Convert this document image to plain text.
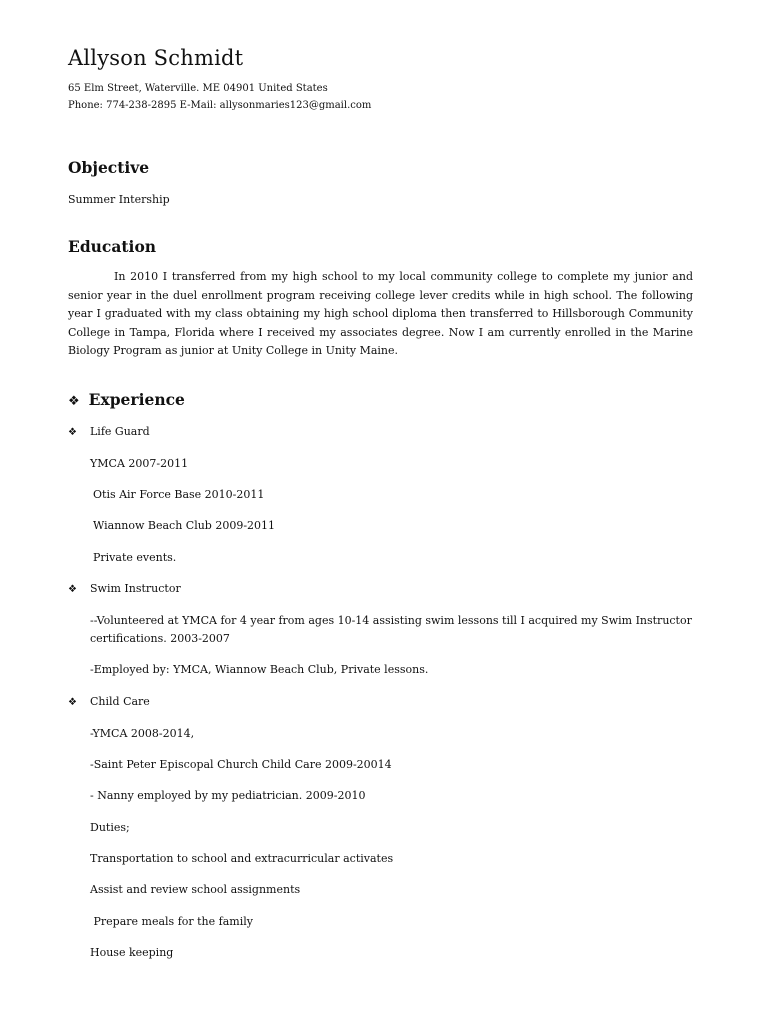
Allyson Schmidt
65 Elm Street, Waterville. ME 04901 United States
Phone: 774-238-2895 E-Mail: allysonmaries123@gmail.com
Objective
Summer Intership
Education

In 2010 I transferred from my high school to my local community college to complete my junior and senior year in the duel enrollment program receiving college lever credits while in high school. The following year I graduated with my class obtaining my high school diploma then transferred to Hillsborough Community College in Tampa, Florida where I received my associates degree. Now I am currently enrolled in the Marine Biology Program as junior at Unity College in Unity Maine.

❖ Experience
❖ Life Guard
YMCA 2007-2011
Otis Air Force Base 2010-2011
Wiannow Beach Club 2009-2011
Private events.
❖ Swim Instructor
--Volunteered at YMCA for 4 year from ages 10-14 assisting swim lessons till I acquired my Swim Instructor certifications. 2003-2007
-Employed by: YMCA, Wiannow Beach Club, Private lessons.
❖ Child Care
-YMCA 2008-2014,
-Saint Peter Episcopal Church Child Care 2009-20014
- Nanny employed by my pediatrician. 2009-2010
Duties;
Transportation to school and extracurricular activates
Assist and review school assignments
Prepare meals for the family
House keeping
